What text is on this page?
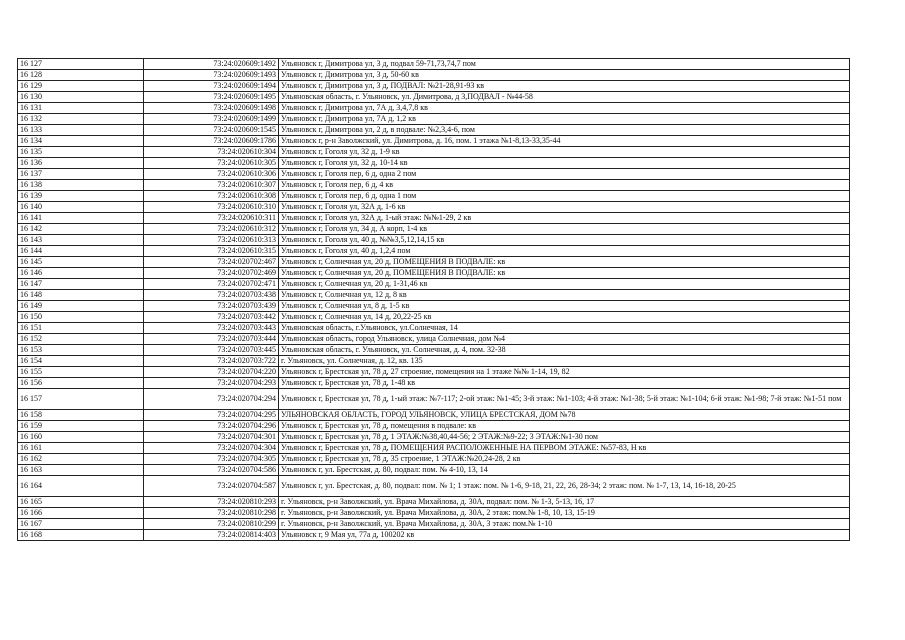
16 127	73:24:020609:1492	Ульяновск г, Димитрова ул, 3 д, подвал 59-71,73,74,7 пом
16 128	73:24:020609:1493	Ульяновск г, Димитрова ул, 3 д, 50-60 кв
16 129	73:24:020609:1494	Ульяновск г, Димитрова ул, 3 д, ПОДВАЛ: №21-28,91-93 кв
16 130	73:24:020609:1495	Ульяновская область, г. Ульяновск, ул. Димитрова, д 3,ПОДВАЛ - №44-58
16 131	73:24:020609:1498	Ульяновск г, Димитрова ул, 7А д, 3,4,7,8 кв
16 132	73:24:020609:1499	Ульяновск г, Димитрова ул, 7А д, 1,2 кв
16 133	73:24:020609:1545	Ульяновск г, Димитрова ул, 2 д, в подвале: №2,3,4-6, пом
16 134	73:24:020609:1786	Ульяновск г, р-н Заволжский, ул. Димитрова, д. 16, пом. 1 этажа №1-8,13-33,35-44
16 135	73:24:020610:304	Ульяновск г, Гоголя ул, 32 д, 1-9 кв
16 136	73:24:020610:305	Ульяновск г, Гоголя ул, 32 д, 10-14 кв
16 137	73:24:020610:306	Ульяновск г, Гоголя пер, 6 д, одна 2 пом
16 138	73:24:020610:307	Ульяновск г, Гоголя пер, 6 д, 4 кв
16 139	73:24:020610:308	Ульяновск г, Гоголя пер, 6 д, одна 1 пом
16 140	73:24:020610:310	Ульяновск г, Гоголя ул, 32А д, 1-6 кв
16 141	73:24:020610:311	Ульяновск г, Гоголя ул, 32А д, 1-ый этаж: №№1-29, 2 кв
16 142	73:24:020610:312	Ульяновск г, Гоголя ул, 34 д, А корп, 1-4 кв
16 143	73:24:020610:313	Ульяновск г, Гоголя ул, 40 д, №№3,5,12,14,15 кв
16 144	73:24:020610:315	Ульяновск г, Гоголя ул, 40 д, 1,2,4 пом
16 145	73:24:020702:467	Ульяновск г, Солнечная ул, 20 д, ПОМЕЩЕНИЯ В ПОДВАЛЕ: кв
16 146	73:24:020702:469	Ульяновск г, Солнечная ул, 20 д, ПОМЕЩЕНИЯ В ПОДВАЛЕ: кв
16 147	73:24:020702:471	Ульяновск г, Солнечная ул, 20 д, 1-31,46 кв
16 148	73:24:020703:438	Ульяновск г, Солнечная ул, 12 д, 8 кв
16 149	73:24:020703:439	Ульяновск г, Солнечная ул, 8 д, 1-5 кв
16 150	73:24:020703:442	Ульяновск г, Солнечная ул, 14 д, 20,22-25 кв
16 151	73:24:020703:443	Ульяновская область, г.Ульяновск, ул.Солнечная, 14
16 152	73:24:020703:444	Ульяновская область, город Ульяновск, улица Солнечная, дом №4
16 153	73:24:020703:445	Ульяновская область, г. Ульяновск, ул. Солнечная, д. 4, пом. 32-38
16 154	73:24:020703:722	г. Ульяновск, ул. Солнечная, д. 12, кв. 135
16 155	73:24:020704:220	Ульяновск г, Брестская ул, 78 д, 27 строение, помещения на 1 этаже №№ 1-14, 19, 82
16 156	73:24:020704:293	Ульяновск г, Брестская ул, 78 д, 1-48 кв
16 157	73:24:020704:294	Ульяновск г, Брестская ул, 78 д, 1-ый этаж: №7-117; 2-ой этаж: №1-45; 3-й этаж: №1-103; 4-й этаж: №1-38; 5-й этаж: №1-104; 6-й этаж: №1-98; 7-й этаж: №1-51 пом
16 158	73:24:020704:295	УЛЬЯНОВСКАЯ ОБЛАСТЬ, ГОРОД УЛЬЯНОВСК, УЛИЦА БРЕСТСКАЯ, ДОМ №78
16 159	73:24:020704:296	Ульяновск г, Брестская ул, 78 д, помещения в подвале: кв
16 160	73:24:020704:301	Ульяновск г, Брестская ул, 78 д, 1 ЭТАЖ:№38,40,44-56; 2 ЭТАЖ:№9-22; 3 ЭТАЖ:№1-30 пом
16 161	73:24:020704:304	Ульяновск г, Брестская ул, 78 д, ПОМЕЩЕНИЯ РАСПОЛОЖЕННЫЕ НА ПЕРВОМ ЭТАЖЕ: №57-83, Н кв
16 162	73:24:020704:305	Ульяновск г, Брестская ул, 78 д, 35 строение, 1 ЭТАЖ:№20,24-28, 2 кв
16 163	73:24:020704:586	Ульяновск г, ул. Брестская, д. 80, подвал: пом. № 4-10, 13, 14
16 164	73:24:020704:587	Ульяновск г, ул. Брестская, д. 80, подвал: пом. № 1; 1 этаж: пом. № 1-6, 9-18, 21, 22, 26, 28-34; 2 этаж: пом. № 1-7, 13, 14, 16-18, 20-25
16 165	73:24:020810:293	г. Ульяновск, р-н Заволжский, ул. Врача Михайлова, д. 30А, подвал: пом. № 1-3, 5-13, 16, 17
16 166	73:24:020810:298	г. Ульяновск, р-н Заволжский, ул. Врача Михайлова, д. 30А, 2 этаж: пом.№ 1-8, 10, 13, 15-19
16 167	73:24:020810:299	г. Ульяновск, р-н Заволжский, ул. Врача Михайлова, д. 30А, 3 этаж: пом.№ 1-10
16 168	73:24:020814:403	Ульяновск г, 9 Мая ул, 77а д, 100202 кв
